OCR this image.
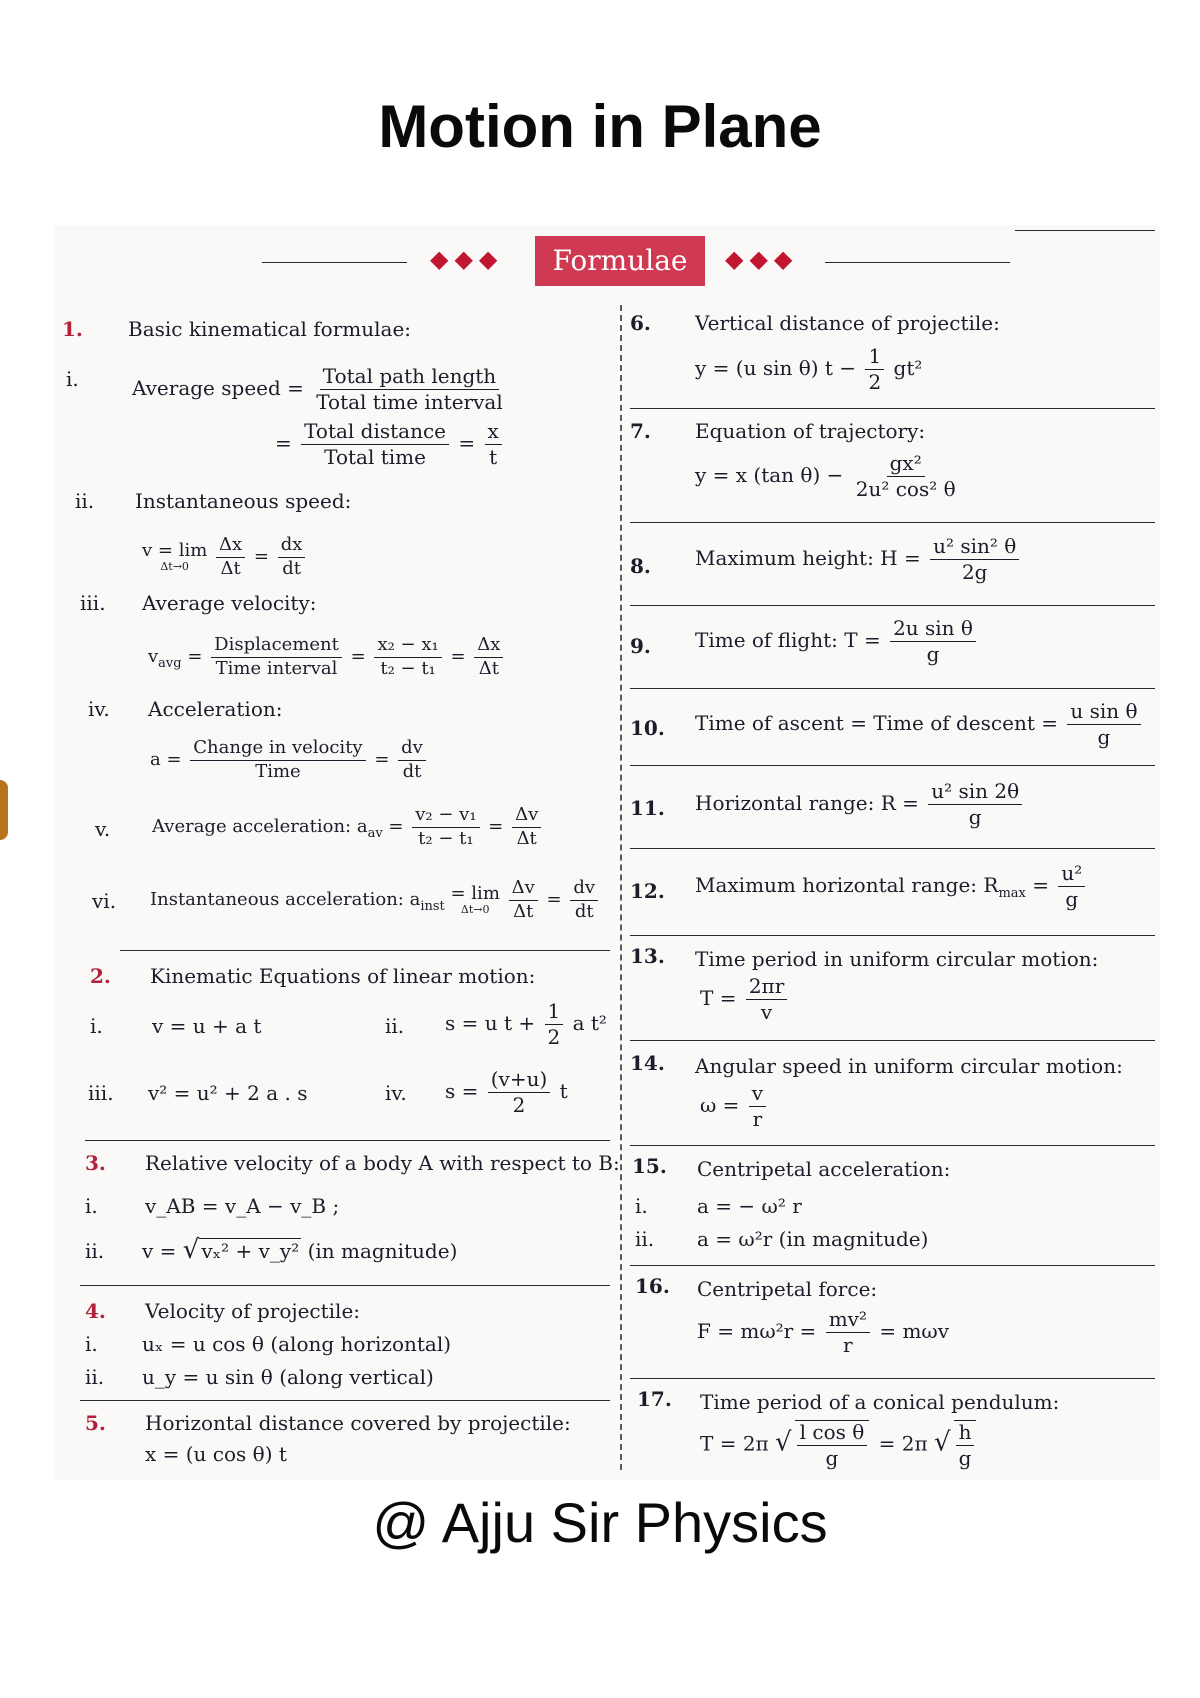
Motion in Plane
◆◆◆	Formulae	◆◆◆
1. Basic kinematical formulae:
i.	Average speed = $\frac{\text{Total path length}}{\text{Total time interval}}$
= $\frac{\text{Total distance}}{\text{Total time}} = \frac{x}{t}$
ii. Instantaneous speed:
v = lim
Δt→0
$\frac{\Delta x}{\Delta t} = \frac{dx}{dt}$
iii. Average velocity:
$v_{avg} = \frac{\text{Displacement}}{\text{Time interval}} = \frac{\text{x₂ − x₁}}{\text{t₂ − t₁}} = \frac{\Delta x}{\Delta t}$
iv. Acceleration:
$a = \frac{\text{Change in velocity}}{\text{Time}} = \frac{dv}{dt}$
v. Average acceleration: $a_{av} = \frac{\text{v₂ − v₁}}{\text{t₂ − t₁}} = \frac{\Delta v}{\Delta t}$
vi. Instantaneous acceleration: $a_{inst}$
= lim
Δt→0
$\frac{\Delta v}{\Delta t} = \frac{dv}{dt}$
2. Kinematic Equations of linear motion:
i. v = u + a t	ii. s = u $t + \frac{1}{2}$ a t²
iii. v² = u² + 2 a . s	iv. $s = \frac{(v+u)}{2}$ t
3. Relative velocity of a body A with respect to B:
i. v_AB = v_A − v_B ;
ii. v = √ vₓ² + v_y² (in magnitude)
4. Velocity of projectile:
i. uₓ = u cos θ (along horizontal)
ii. u_y = u sin θ (along vertical)
5. Horizontal distance covered by projectile:
x = (u cos θ) t
6. Vertical distance of projectile:
y = (u sin θ) $t - \frac{1}{2} gt^2$
7. Equation of trajectory:
y = x (tan $\theta) - \frac{\text{gx²}}{\text{2u² cos² θ}}$
8. Maximum height: $H = \frac{\text{u² sin² θ}}{2g}$
9. Time of flight: $T = \frac{\text{2u sin θ}}{g}$
10. Time of ascent = Time of descent = $\frac{\text{u sin θ}}{g}$
11. Horizontal range: $R = \frac{\text{u² sin 2θ}}{g}$
12. Maximum horizontal range: $R_{max} = \frac{\text{u²}}{g}$
13. Time period in uniform circular motion:
$T = \frac{2\pi r}{v}$
14. Angular speed in uniform circular motion:
$\omega = \frac{v}{r}$
15. Centripetal acceleration:
i. a = − ω² r
ii. a = ω²r (in magnitude)
16. Centripetal force:
$F = m\omega^2r = \frac{\text{mv²}}{r} = m\omega v$
17. Time period of a conical pendulum:
T = 2π √ $\frac{\text{l cos θ}}{g} = 2\pi$ √ $\frac{h}{g}$
@ Ajju Sir Physics
